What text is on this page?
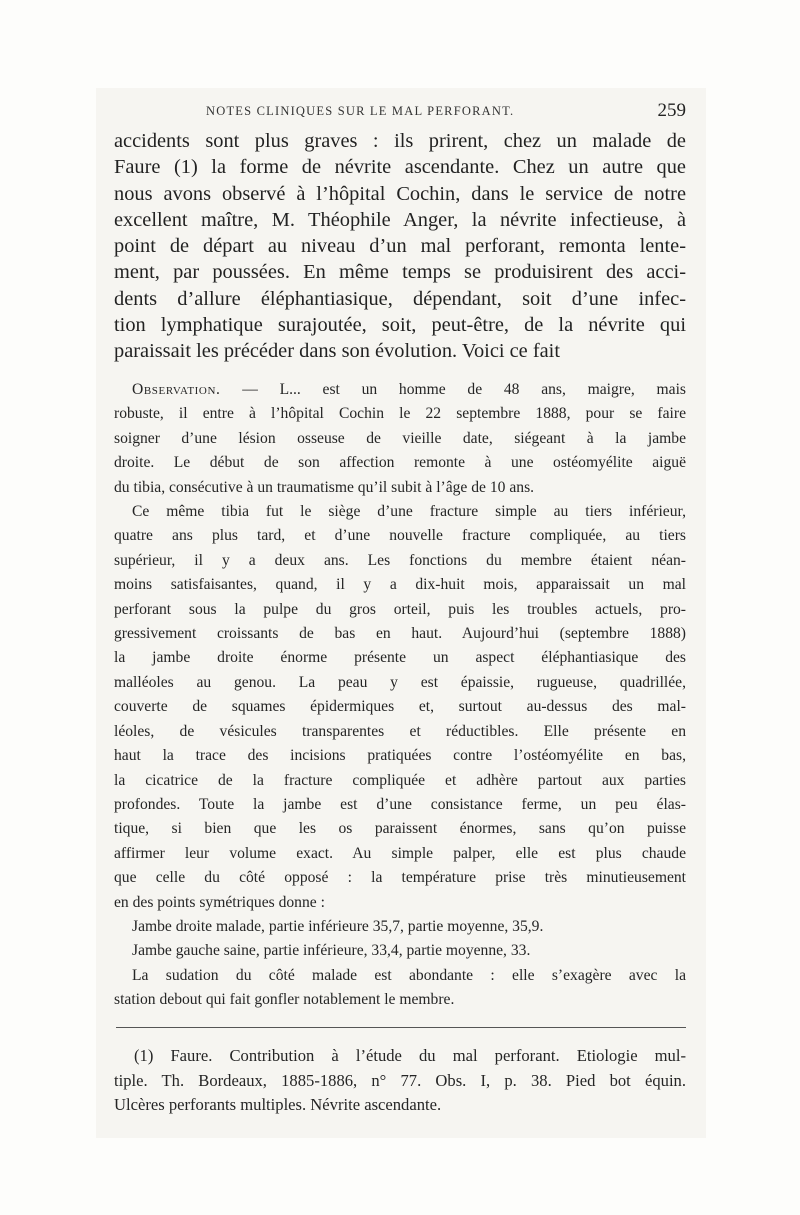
NOTES CLINIQUES SUR LE MAL PERFORANT.	259
accidents sont plus graves : ils prirent, chez un malade de
Faure (1) la forme de névrite ascendante. Chez un autre que
nous avons observé à l’hôpital Cochin, dans le service de notre
excellent maître, M. Théophile Anger, la névrite infectieuse, à
point de départ au niveau d’un mal perforant, remonta lente-
ment, par poussées. En même temps se produisirent des acci-
dents d’allure éléphantiasique, dépendant, soit d’une infec-
tion lymphatique surajoutée, soit, peut-être, de la névrite qui
paraissait les précéder dans son évolution. Voici ce fait
Observation. — L... est un homme de 48 ans, maigre, mais
robuste, il entre à l’hôpital Cochin le 22 septembre 1888, pour se faire
soigner d’une lésion osseuse de vieille date, siégeant à la jambe
droite. Le début de son affection remonte à une ostéomyélite aiguë
du tibia, consécutive à un traumatisme qu’il subit à l’âge de 10 ans.
Ce même tibia fut le siège d’une fracture simple au tiers inférieur,
quatre ans plus tard, et d’une nouvelle fracture compliquée, au tiers
supérieur, il y a deux ans. Les fonctions du membre étaient néan-
moins satisfaisantes, quand, il y a dix-huit mois, apparaissait un mal
perforant sous la pulpe du gros orteil, puis les troubles actuels, pro-
gressivement croissants de bas en haut. Aujourd’hui (septembre 1888)
la jambe droite énorme présente un aspect éléphantiasique des
malléoles au genou. La peau y est épaissie, rugueuse, quadrillée,
couverte de squames épidermiques et, surtout au-dessus des mal-
léoles, de vésicules transparentes et réductibles. Elle présente en
haut la trace des incisions pratiquées contre l’ostéomyélite en bas,
la cicatrice de la fracture compliquée et adhère partout aux parties
profondes. Toute la jambe est d’une consistance ferme, un peu élas-
tique, si bien que les os paraissent énormes, sans qu’on puisse
affirmer leur volume exact. Au simple palper, elle est plus chaude
que celle du côté opposé : la température prise très minutieusement
en des points symétriques donne :
Jambe droite malade, partie inférieure 35,7, partie moyenne, 35,9.
Jambe gauche saine, partie inférieure, 33,4, partie moyenne, 33.
La sudation du côté malade est abondante : elle s’exagère avec la
station debout qui fait gonfler notablement le membre.
(1) Faure. Contribution à l’étude du mal perforant. Etiologie mul-
tiple. Th. Bordeaux, 1885-1886, n° 77. Obs. I, p. 38. Pied bot équin.
Ulcères perforants multiples. Névrite ascendante.
